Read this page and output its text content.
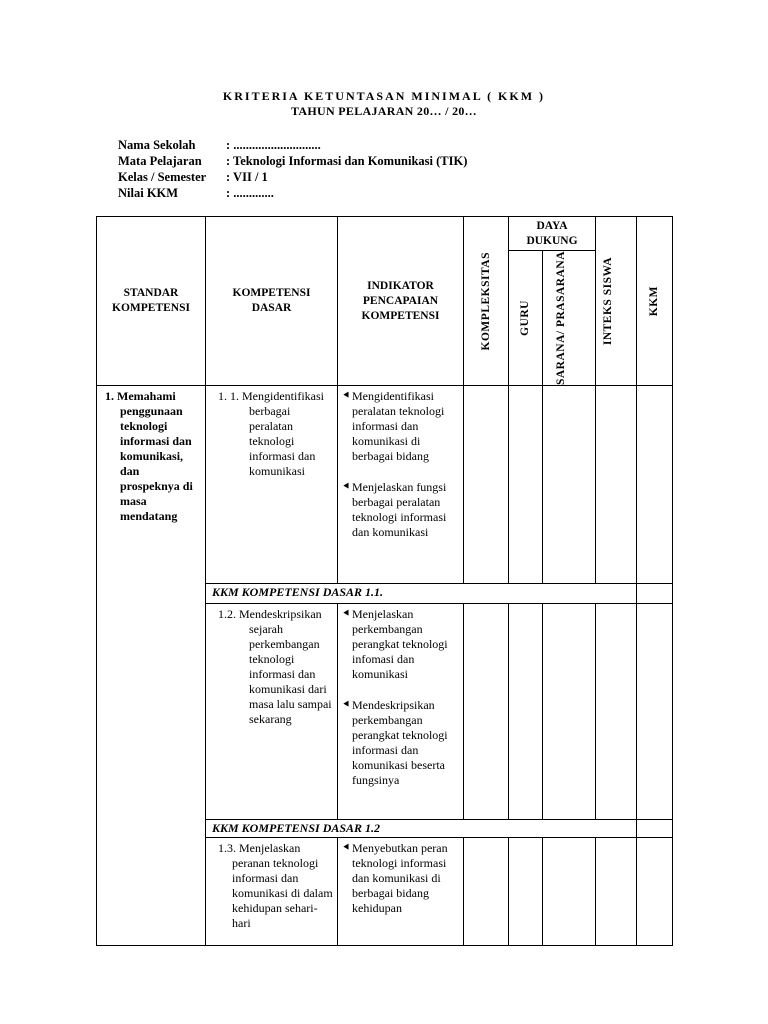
KRITERIA KETUNTASAN MINIMAL ( KKM )
TAHUN PELAJARAN 20… / 20…
Nama Sekolah	: ............................
Mata Pelajaran	: Teknologi Informasi dan Komunikasi (TIK)
Kelas / Semester	: VII / 1
Nilai KKM	: .............
STANDAR KOMPETENSI	KOMPETENSI DASAR	INDIKATOR PENCAPAIAN KOMPETENSI	KOMPLEKSITAS	DAYA DUKUNG		INTEKS SISWA	KKM

				GURU	SARANA/ PRASARANA		

1. Memahami penggunaan teknologi informasi dan komunikasi, dan prospeknya di masa mendatang	1. 1. Mengidentifikasi berbagai peralatan teknologi informasi dan komunikasi	⯇ Mengidentifikasi peralatan teknologi informasi dan komunikasi di berbagai bidang
⯇ Menjelaskan fungsi berbagai peralatan teknologi informasi dan komunikasi					

	KKM KOMPETENSI DASAR 1.1.						

	1.2. Mendeskripsikan sejarah perkembangan teknologi informasi dan komunikasi dari masa lalu sampai sekarang	⯇ Menjelaskan perkembangan perangkat teknologi infomasi dan komunikasi
⯇ Mendeskripsikan perkembangan perangkat teknologi informasi dan komunikasi beserta fungsinya					

	KKM KOMPETENSI DASAR 1.2						

	1.3. Menjelaskan peranan teknologi informasi dan komunikasi di dalam kehidupan sehari-hari	⯇ Menyebutkan peran teknologi informasi dan komunikasi di berbagai bidang kehidupan					
